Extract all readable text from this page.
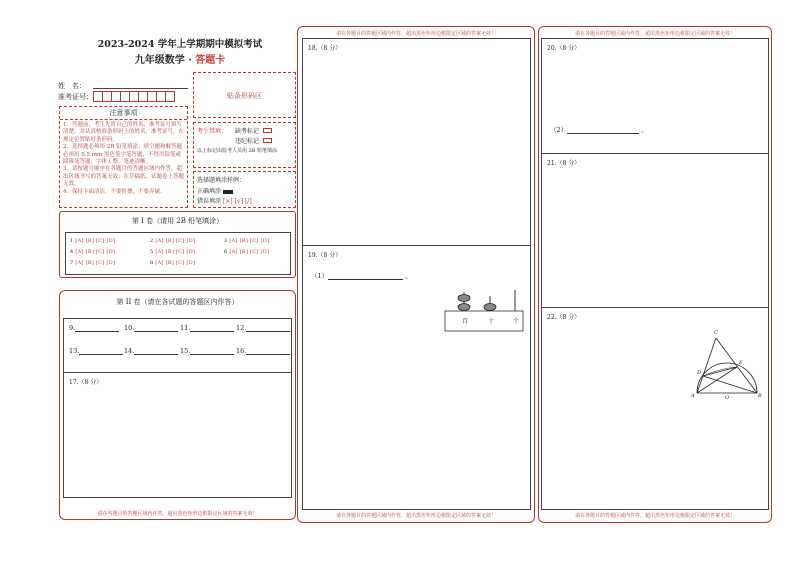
2023-2024 学年上学期期中模拟考试
九年级数学 · 答题卡
姓　名：
准考证号：	贴条形码区
注意事项
1．答题前，考生先将自己的姓名、准考证号填写清楚，并认真核准条形码上的姓名、准考证号，在规定位置贴好条形码。
2．选择题必须用 2B 铅笔填涂；填空题和解答题必须用 0.5 mm 黑色签字笔答题，不得用铅笔或圆珠笔答题；字体工整、笔迹清晰。
3．请按题号顺序在各题目的答题区域内作答，超出区域书写的答案无效；在草稿纸、试题卷上答题无效。
4．保持卡面清洁，不要折叠、不要弄破。
考生禁填：	缺考标记
违纪标记
以上标记由监考人员用 2B 铅笔填涂
选择题填涂样例：
正确填涂
错误填涂 [×] [√] [/]
第 I 卷（请用 2B 铅笔填涂）
1 [A] [B] [C] [D]	2 [A] [B] [C] [D]	3 [A] [B] [C] [D]
4 [A] [B] [C] [D]	5 [A] [B] [C] [D]	6 [A] [B] [C] [D]
7 [A] [B] [C] [D]	8 [A] [B] [C] [D]
第 II 卷（请在各试题的答题区内作答）
9.	10.	11.	12.
13.	14.	15.	16.
17.（8 分）
请在各题目的答题区域内作答，超出黑色矩形边框限定区域的答案无效！
请在各题目的答题区域内作答，超出黑色矩形边框限定区域的答案无效！
18.（8 分）
19.（8 分）
（1）
	。
百	十	个
请在各题目的答题区域内作答，超出黑色矩形边框限定区域的答案无效！
请在各题目的答题区域内作答，超出黑色矩形边框限定区域的答案无效！
20.（8 分）
（2）
	。
21.（8 分）
22.（8 分）
C
E
D
A	O	B
请在各题目的答题区域内作答，超出黑色矩形边框限定区域的答案无效！
